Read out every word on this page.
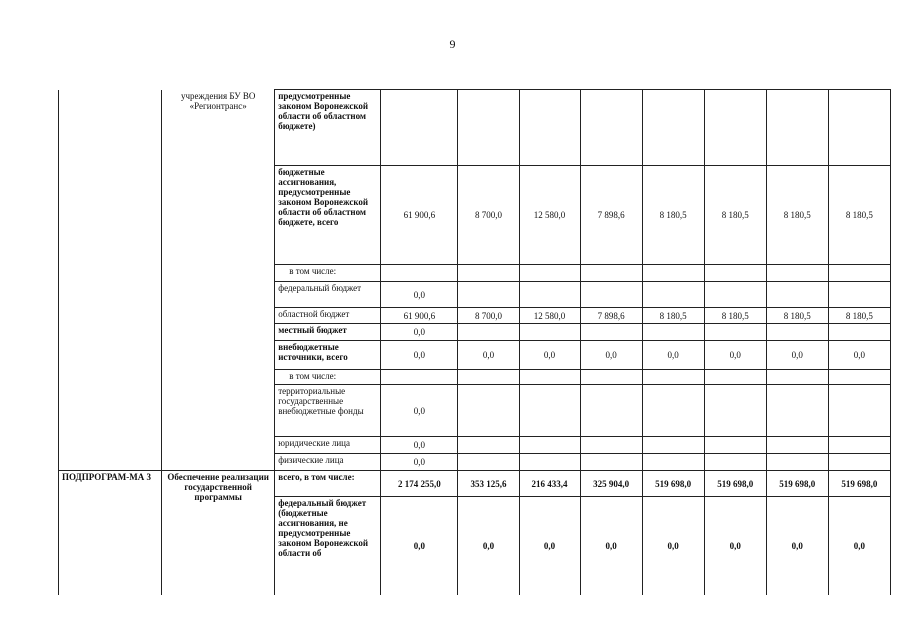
9
	учреждения БУ ВО «Регионтранс»	предусмотренные законом Воронежской области об областном бюджете)								
		бюджетные ассигнования, предусмотренные законом Воронежской области об областном бюджете, всего	61 900,6	8 700,0	12 580,0	7 898,6	8 180,5	8 180,5	8 180,5	8 180,5
		в том числе:								
		федеральный бюджет	0,0							
		областной бюджет	61 900,6	8 700,0	12 580,0	7 898,6	8 180,5	8 180,5	8 180,5	8 180,5
		местный бюджет	0,0							
		внебюджетные источники, всего	0,0	0,0	0,0	0,0	0,0	0,0	0,0	0,0
		в том числе:								
		территориальные государственные внебюджетные фонды	0,0							
		юридические лица	0,0							
		физические лица	0,0							
ПОДПРОГРАМ-МА 3	Обеспечение реализации государственной программы	всего, в том числе:	2 174 255,0	353 125,6	216 433,4	325 904,0	519 698,0	519 698,0	519 698,0	519 698,0
		федеральный бюджет (бюджетные ассигнования, не предусмотренные законом Воронежской области об	0,0	0,0	0,0	0,0	0,0	0,0	0,0	0,0
